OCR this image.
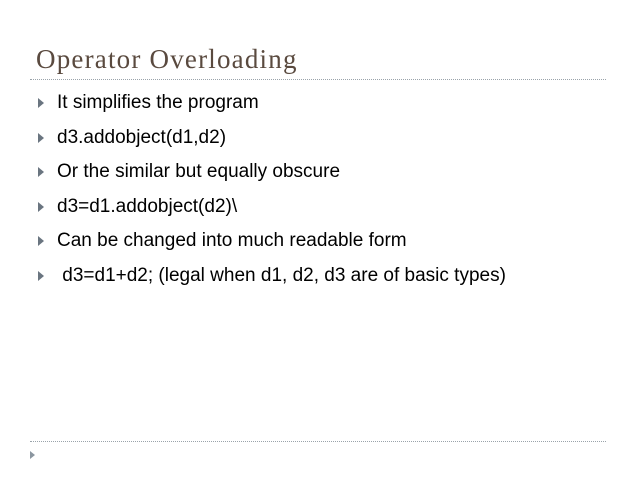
Operator Overloading
It simplifies the program
d3.addobject(d1,d2)
Or the similar but equally obscure
d3=d1.addobject(d2)\
Can be changed into much readable form
d3=d1+d2; (legal when d1, d2, d3 are of basic types)
